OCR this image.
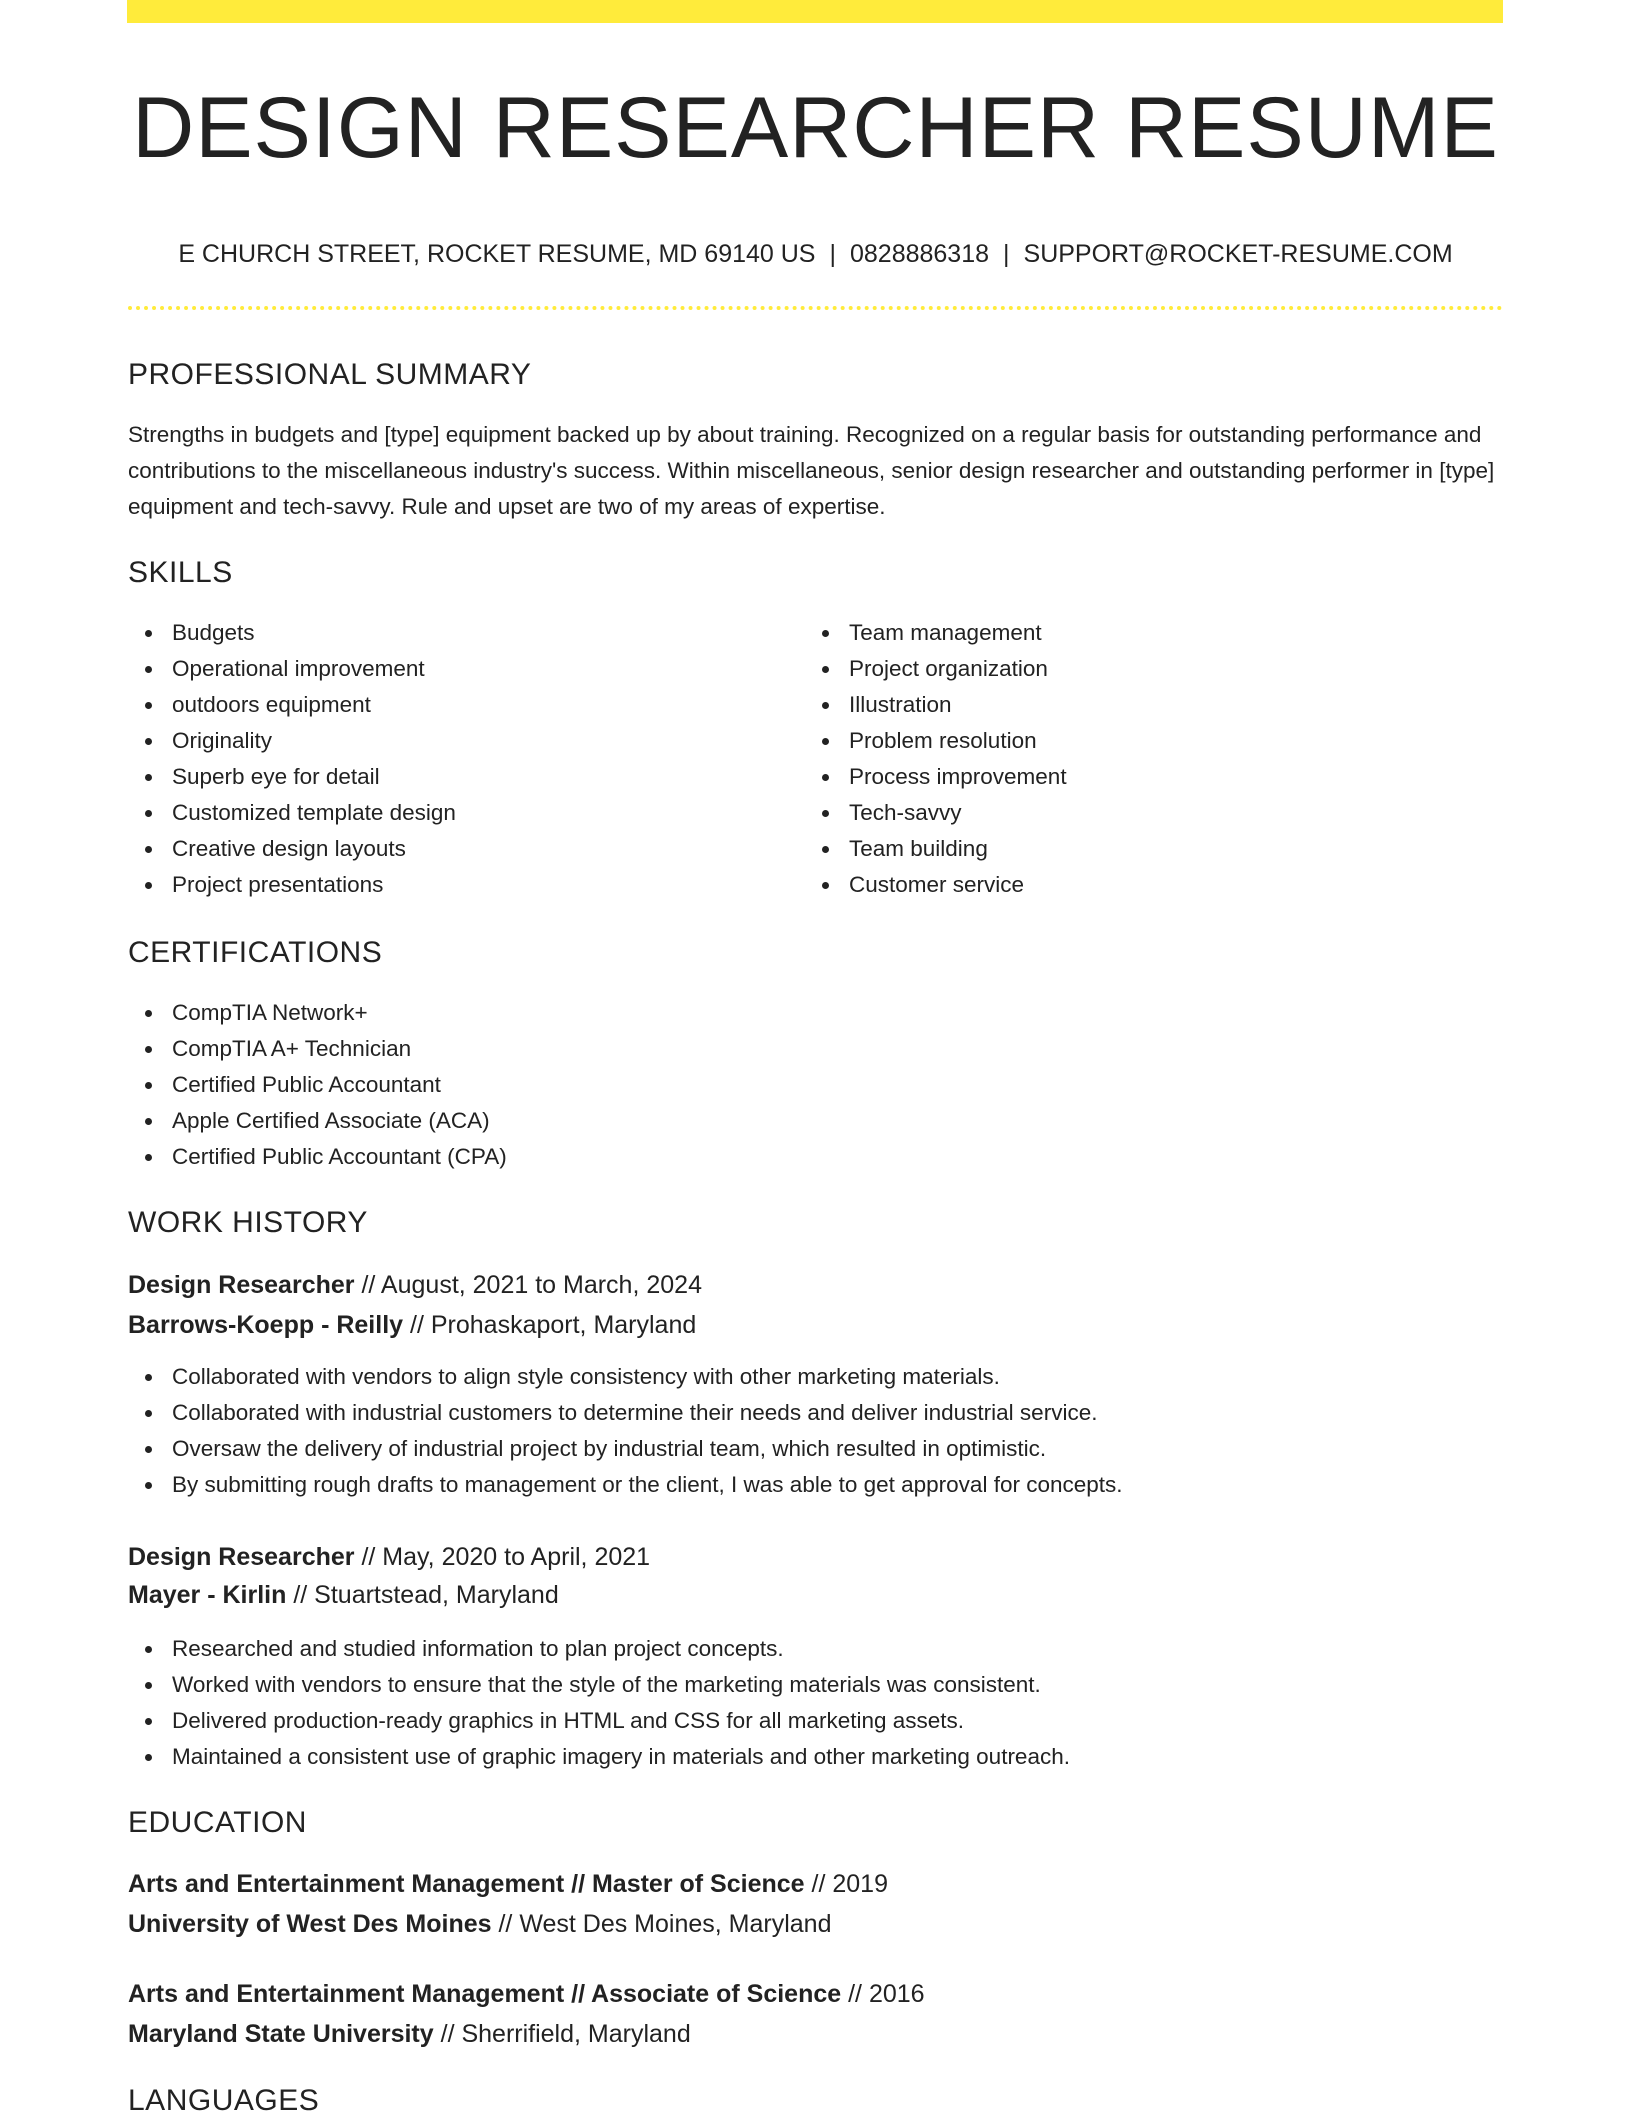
DESIGN RESEARCHER RESUME
E CHURCH STREET, ROCKET RESUME, MD 69140 US | 0828886318 | SUPPORT@ROCKET-RESUME.COM
PROFESSIONAL SUMMARY

Strengths in budgets and [type] equipment backed up by about training. Recognized on a regular basis for outstanding performance and contributions to the miscellaneous industry's success. Within miscellaneous, senior design researcher and outstanding performer in [type] equipment and tech-savvy. Rule and upset are two of my areas of expertise.

SKILLS
Budgets
Operational improvement
outdoors equipment
Originality
Superb eye for detail
Customized template design
Creative design layouts
Project presentations
Team management
Project organization
Illustration
Problem resolution
Process improvement
Tech-savvy
Team building
Customer service
CERTIFICATIONS
CompTIA Network+
CompTIA A+ Technician
Certified Public Accountant
Apple Certified Associate (ACA)
Certified Public Accountant (CPA)
WORK HISTORY
Design Researcher // August, 2021 to March, 2024
Barrows-Koepp - Reilly // Prohaskaport, Maryland
Collaborated with vendors to align style consistency with other marketing materials.
Collaborated with industrial customers to determine their needs and deliver industrial service.
Oversaw the delivery of industrial project by industrial team, which resulted in optimistic.
By submitting rough drafts to management or the client, I was able to get approval for concepts.
Design Researcher // May, 2020 to April, 2021
Mayer - Kirlin // Stuartstead, Maryland
Researched and studied information to plan project concepts.
Worked with vendors to ensure that the style of the marketing materials was consistent.
Delivered production-ready graphics in HTML and CSS for all marketing assets.
Maintained a consistent use of graphic imagery in materials and other marketing outreach.
EDUCATION
Arts and Entertainment Management // Master of Science // 2019
University of West Des Moines // West Des Moines, Maryland
Arts and Entertainment Management // Associate of Science // 2016
Maryland State University // Sherrifield, Maryland
LANGUAGES
